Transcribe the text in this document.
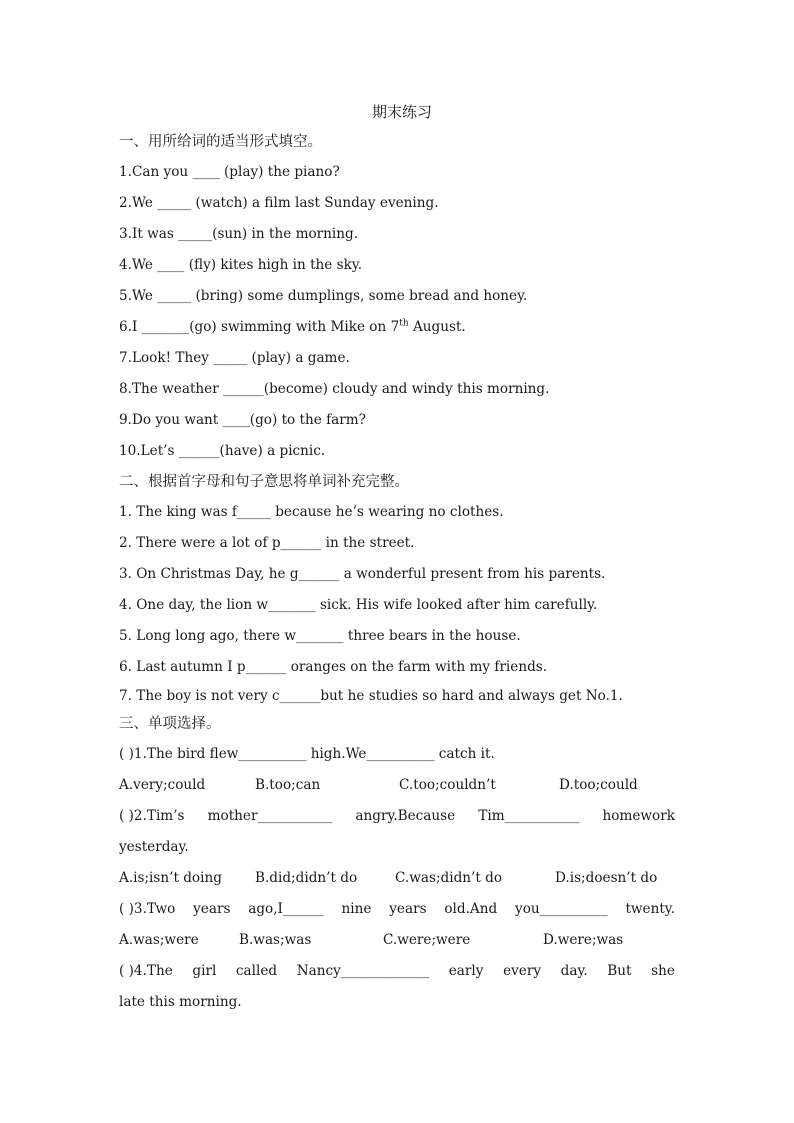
期末练习
一、用所给词的适当形式填空。
1.Can you ____ (play) the piano?
2.We _____ (watch) a film last Sunday evening.
3.It was _____(sun) in the morning.
4.We ____ (fly) kites high in the sky.
5.We _____ (bring) some dumplings, some bread and honey.
6.I _______(go) swimming with Mike on 7th August.
7.Look! They _____ (play) a game.
8.The weather ______(become) cloudy and windy this morning.
9.Do you want ____(go) to the farm?
10.Let’s ______(have) a picnic.
二、根据首字母和句子意思将单词补充完整。
1. The king was f_____ because he’s wearing no clothes.
2. There were a lot of p______ in the street.
3. On Christmas Day, he g______ a wonderful present from his parents.
4. One day, the lion w_______ sick. His wife looked after him carefully.
5. Long long ago, there w_______ three bears in the house.
6. Last autumn I p______ oranges on the farm with my friends.
7. The boy is not very c______but he studies so hard and always get No.1.
三、单项选择。
( )1.The bird flew__________ high.We__________ catch it.
A.very;could	B.too;can	C.too;couldn’t	D.too;could
( )2.Tim’s mother___________ angry.Because Tim___________ homework
yesterday.
A.is;isn’t doing	B.did;didn’t do	C.was;didn’t do	D.is;doesn’t do
( )3.Two years ago,I______ nine years old.And you__________ twenty.
A.was;were	B.was;was	C.were;were	D.were;was
( )4.The girl called Nancy_____________ early every day. But she
late this morning.
